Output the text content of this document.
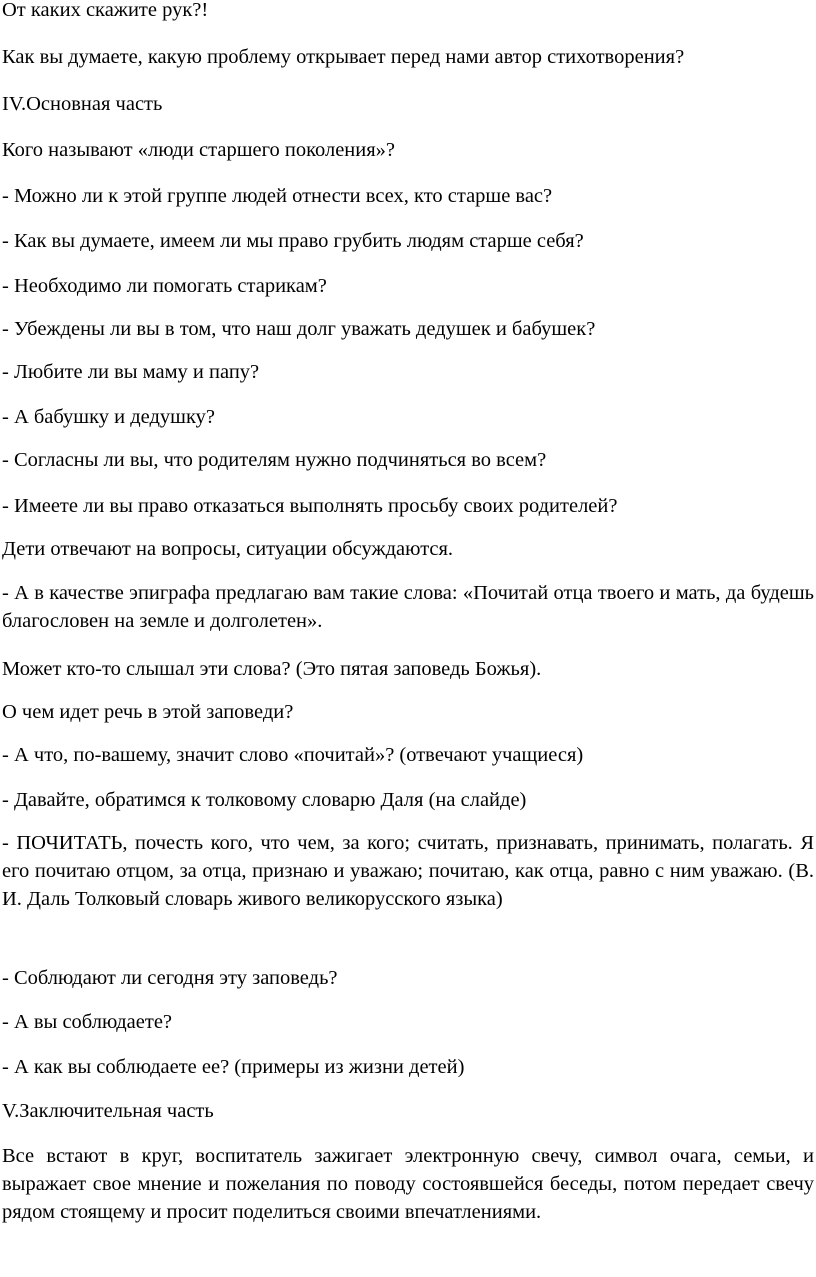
От каких скажите рук?!
Как вы думаете, какую проблему открывает перед нами автор стихотворения?
IV.Основная часть
Кого называют «люди старшего поколения»?
- Можно ли к этой группе людей отнести всех, кто старше вас?
- Как вы думаете, имеем ли мы право грубить людям старше себя?
- Необходимо ли помогать старикам?
- Убеждены ли вы в том, что наш долг уважать дедушек и бабушек?
- Любите ли вы маму и папу?
- А бабушку и дедушку?
- Согласны ли вы, что родителям нужно подчиняться во всем?
- Имеете ли вы право отказаться выполнять просьбу своих родителей?
Дети отвечают на вопросы, ситуации обсуждаются.
- А в качестве эпиграфа предлагаю вам такие слова: «Почитай отца твоего и мать, да будешь благословен на земле и долголетен».
Может кто-то слышал эти слова? (Это пятая заповедь Божья).
О чем идет речь в этой заповеди?
- А что, по-вашему, значит слово «почитай»? (отвечают учащиеся)
- Давайте, обратимся к толковому словарю Даля (на слайде)
- ПОЧИТАТЬ, почесть кого, что чем, за кого; считать, признавать, принимать, полагать. Я его почитаю отцом, за отца, признаю и уважаю; почитаю, как отца, равно с ним уважаю. (В. И. Даль Толковый словарь живого великорусского языка)
- Соблюдают ли сегодня эту заповедь?
- А вы соблюдаете?
- А как вы соблюдаете ее? (примеры из жизни детей)
V.Заключительная часть
Все встают в круг, воспитатель зажигает электронную свечу, символ очага, семьи, и выражает свое мнение и пожелания по поводу состоявшейся беседы, потом передает свечу рядом стоящему и просит поделиться своими впечатлениями.
